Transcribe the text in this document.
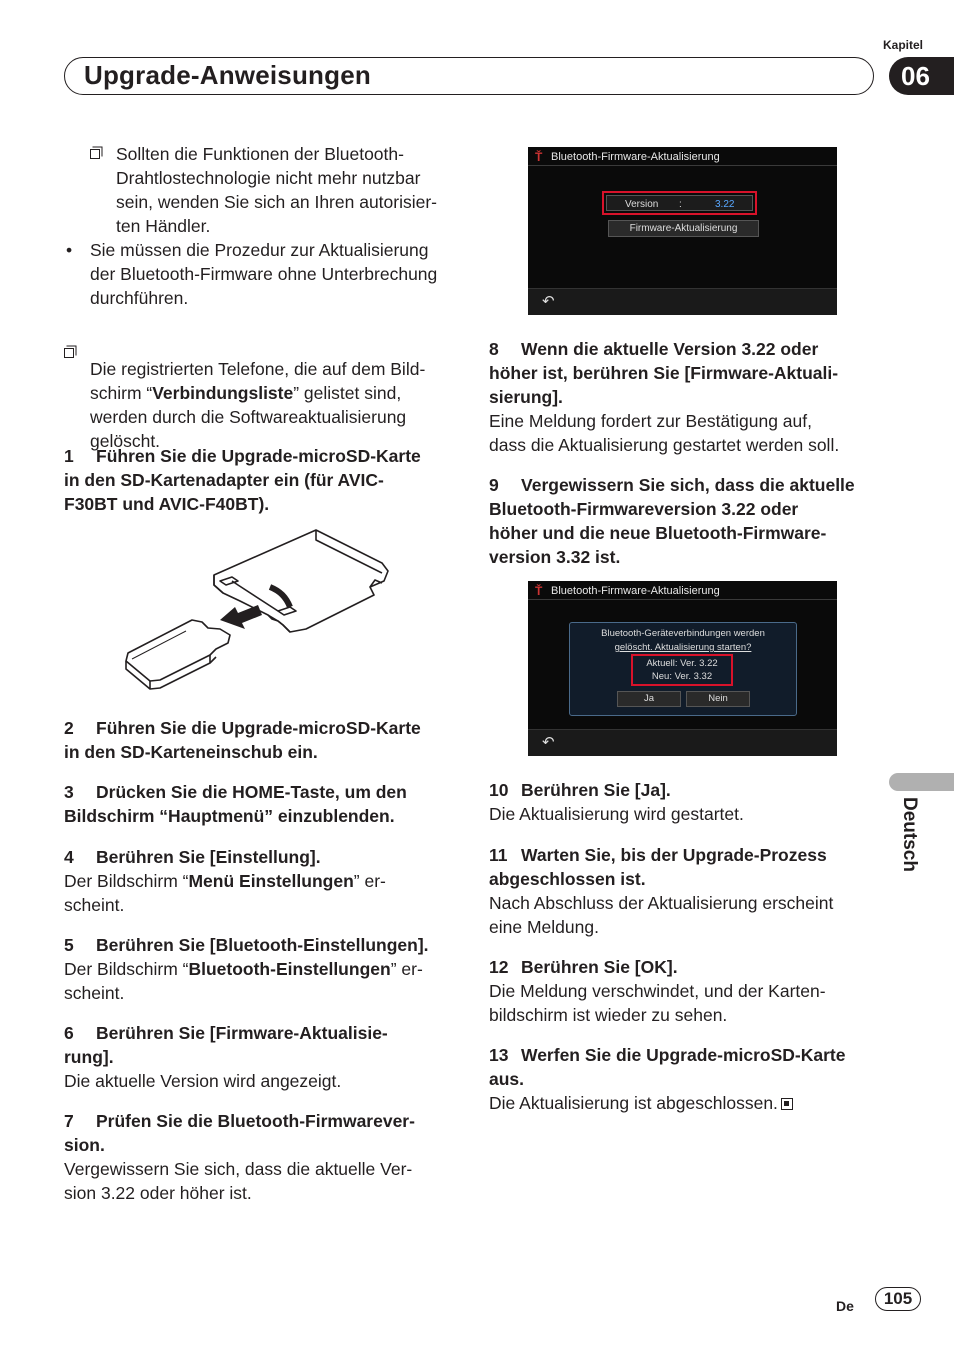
Kapitel
Upgrade-Anweisungen	06
Deutsch

Sollten die Funktionen der Bluetooth-
Drahtlostechnologie nicht mehr nutzbar
sein, wenden Sie sich an Ihren autorisier-
ten Händler.

• Sie müssen die Prozedur zur Aktualisierung
der Bluetooth-Firmware ohne Unterbrechung
durchführen.
Die registrierten Telefone, die auf dem Bild-
schirm “Verbindungsliste” gelistet sind,
werden durch die Softwareaktualisierung
gelöscht.
1 Führen Sie die Upgrade-microSD-Karte
in den SD-Kartenadapter ein (für AVIC-
F30BT und AVIC-F40BT).
2 Führen Sie die Upgrade-microSD-Karte
in den SD-Karteneinschub ein.
3 Drücken Sie die HOME-Taste, um den
Bildschirm “Hauptmenü” einzublenden.
4 Berühren Sie [Einstellung].
Der Bildschirm “Menü Einstellungen” er-
scheint.
5 Berühren Sie [Bluetooth-Einstellungen].
Der Bildschirm “Bluetooth-Einstellungen” er-
scheint.
6 Berühren Sie [Firmware-Aktualisie-
rung].
Die aktuelle Version wird angezeigt.
7 Prüfen Sie die Bluetooth-Firmwarever-
sion.
Vergewissern Sie sich, dass die aktuelle Ver-
sion 3.22 oder höher ist.
Ť Bluetooth-Firmware-Aktualisierung
Version :	3.22
Firmware-Aktualisierung
↶
8 Wenn die aktuelle Version 3.22 oder
höher ist, berühren Sie [Firmware-Aktuali-
sierung].
Eine Meldung fordert zur Bestätigung auf,
dass die Aktualisierung gestartet werden soll.
9 Vergewissern Sie sich, dass die aktuelle
Bluetooth-Firmwareversion 3.22 oder
höher und die neue Bluetooth-Firmware-
version 3.32 ist.
Ť Bluetooth-Firmware-Aktualisierung
Bluetooth-Geräteverbindungen werden
gelöscht. Aktualisierung starten?
Aktuell: Ver. 3.22
Neu: Ver. 3.32
Ja	Nein
↶
10 Berühren Sie [Ja].
Die Aktualisierung wird gestartet.
11 Warten Sie, bis der Upgrade-Prozess
abgeschlossen ist.
Nach Abschluss der Aktualisierung erscheint
eine Meldung.
12 Berühren Sie [OK].
Die Meldung verschwindet, und der Karten-
bildschirm ist wieder zu sehen.
13 Werfen Sie die Upgrade-microSD-Karte
aus.
Die Aktualisierung ist abgeschlossen.
De	105
